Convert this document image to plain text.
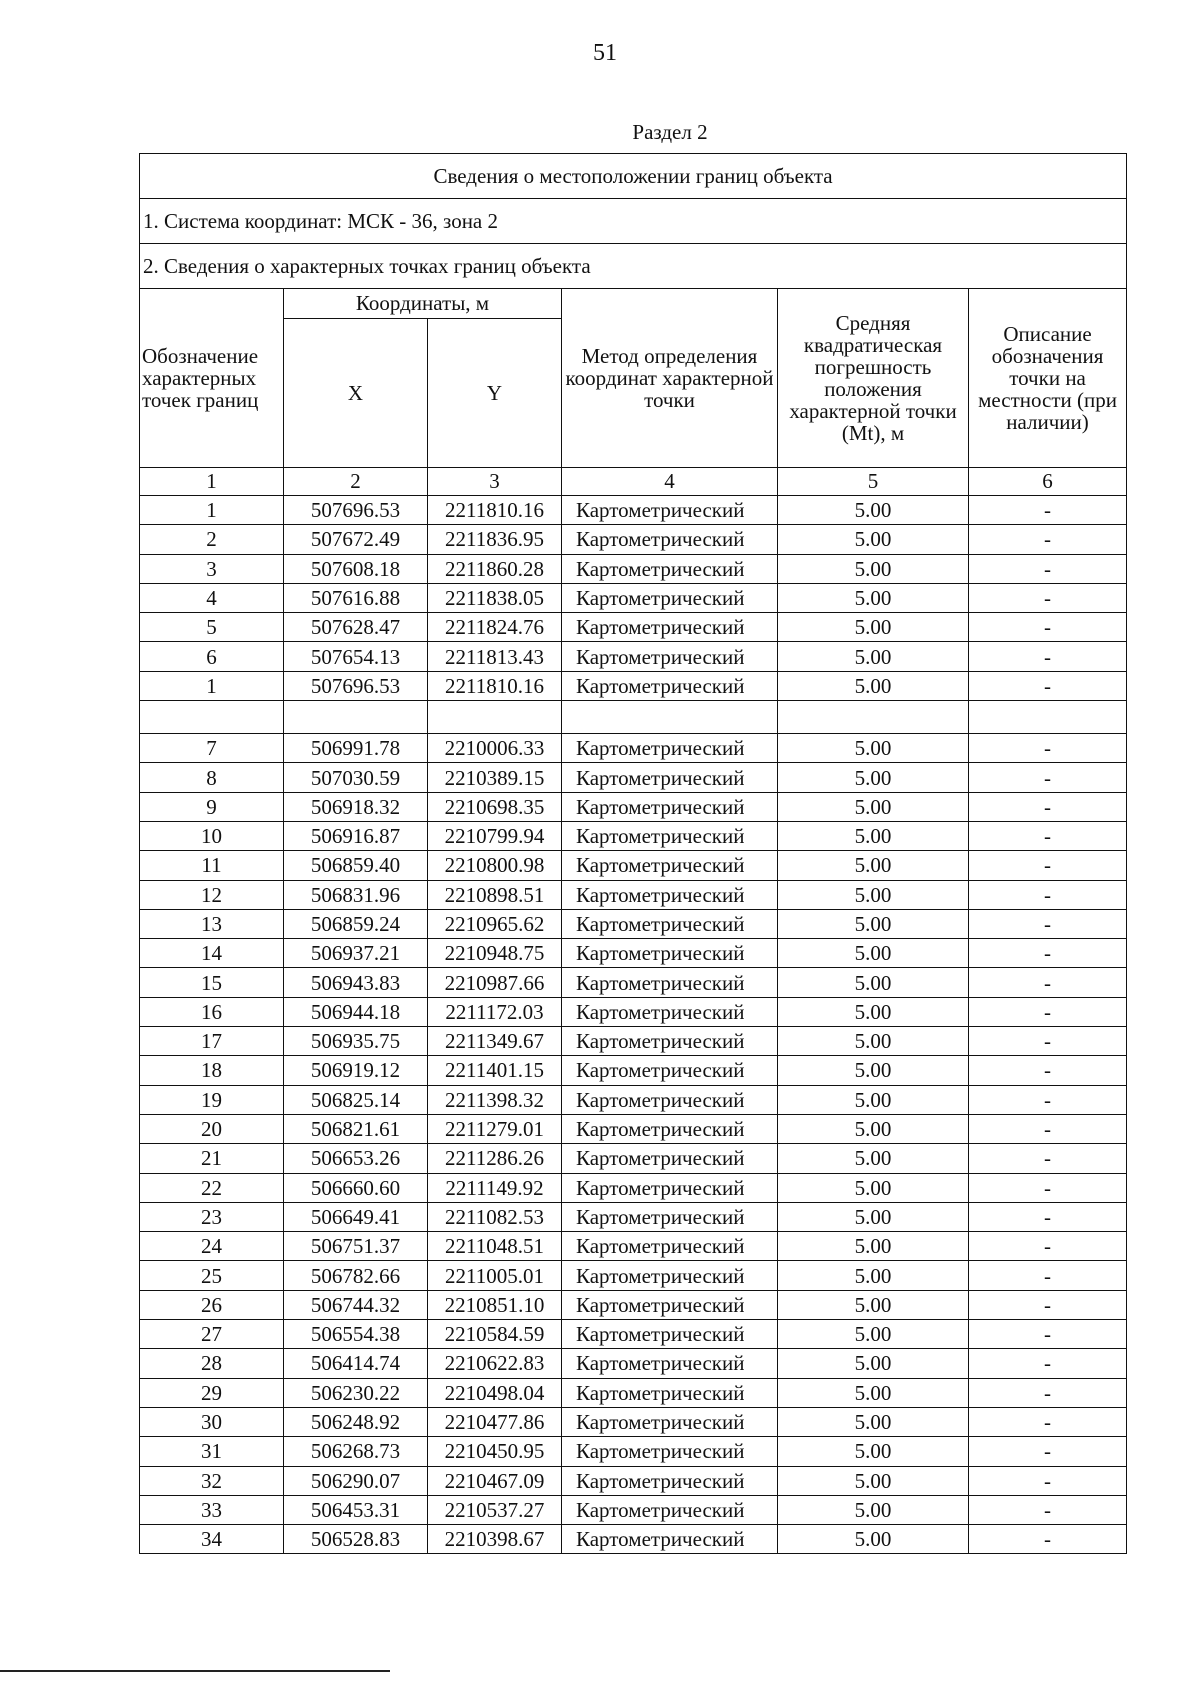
51
Раздел 2
Сведения о местоположении границ объекта					
1. Система координат: МСК - 36, зона 2					
2. Сведения о характерных точках границ объекта					
Обозначение характерных точек границ	Координаты, м		Метод определения координат характерной точки	Средняя квадратическая погрешность положения характерной точки (Mt), м	Описание обозначения точки на местности (при наличии)
	X	Y			
1	2	3	4	5	6
1	507696.53	2211810.16	Картометрический	5.00	-
2	507672.49	2211836.95	Картометрический	5.00	-
3	507608.18	2211860.28	Картометрический	5.00	-
4	507616.88	2211838.05	Картометрический	5.00	-
5	507628.47	2211824.76	Картометрический	5.00	-
6	507654.13	2211813.43	Картометрический	5.00	-
1	507696.53	2211810.16	Картометрический	5.00	-

7	506991.78	2210006.33	Картометрический	5.00	-
8	507030.59	2210389.15	Картометрический	5.00	-
9	506918.32	2210698.35	Картометрический	5.00	-
10	506916.87	2210799.94	Картометрический	5.00	-
11	506859.40	2210800.98	Картометрический	5.00	-
12	506831.96	2210898.51	Картометрический	5.00	-
13	506859.24	2210965.62	Картометрический	5.00	-
14	506937.21	2210948.75	Картометрический	5.00	-
15	506943.83	2210987.66	Картометрический	5.00	-
16	506944.18	2211172.03	Картометрический	5.00	-
17	506935.75	2211349.67	Картометрический	5.00	-
18	506919.12	2211401.15	Картометрический	5.00	-
19	506825.14	2211398.32	Картометрический	5.00	-
20	506821.61	2211279.01	Картометрический	5.00	-
21	506653.26	2211286.26	Картометрический	5.00	-
22	506660.60	2211149.92	Картометрический	5.00	-
23	506649.41	2211082.53	Картометрический	5.00	-
24	506751.37	2211048.51	Картометрический	5.00	-
25	506782.66	2211005.01	Картометрический	5.00	-
26	506744.32	2210851.10	Картометрический	5.00	-
27	506554.38	2210584.59	Картометрический	5.00	-
28	506414.74	2210622.83	Картометрический	5.00	-
29	506230.22	2210498.04	Картометрический	5.00	-
30	506248.92	2210477.86	Картометрический	5.00	-
31	506268.73	2210450.95	Картометрический	5.00	-
32	506290.07	2210467.09	Картометрический	5.00	-
33	506453.31	2210537.27	Картометрический	5.00	-
34	506528.83	2210398.67	Картометрический	5.00	-
